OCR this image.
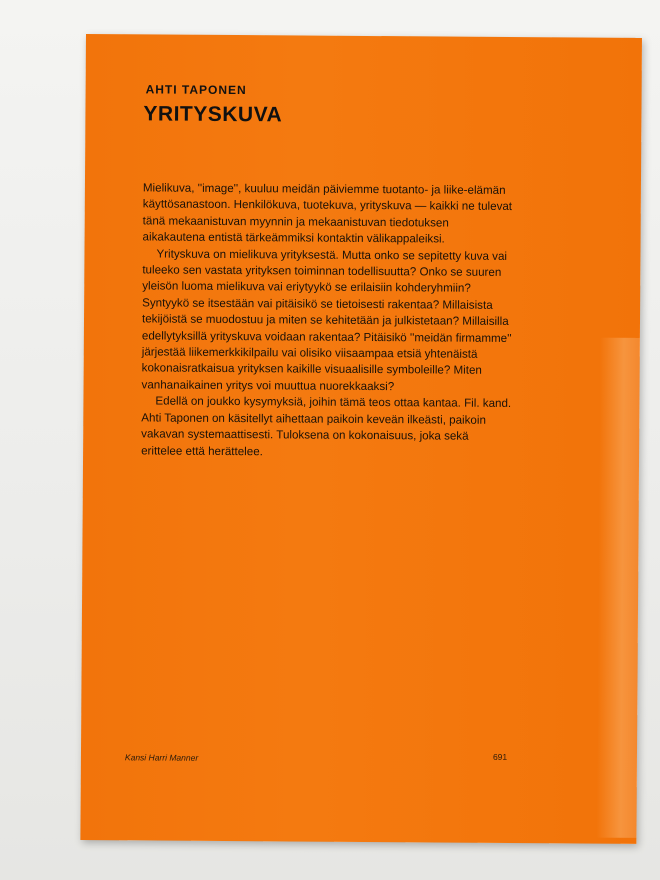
AHTI TAPONEN
YRITYSKUVA

Mielikuva, ''image'', kuuluu meidän päiviemme tuotanto- ja liike-elämän käyttösanastoon. Henkilökuva, tuotekuva, yrityskuva — kaikki ne tulevat tänä mekaanistuvan myynnin ja mekaanistuvan tiedotuksen aikakautena entistä tärkeämmiksi kontaktin välikappaleiksi.

Yrityskuva on mielikuva yrityksestä. Mutta onko se sepitetty kuva vai tuleeko sen vastata yrityksen toiminnan todellisuutta? Onko se suuren yleisön luoma mielikuva vai eriytyykö se erilaisiin kohderyhmiin? Syntyykö se itsestään vai pitäisikö se tietoisesti rakentaa? Millaisista tekijöistä se muodostuu ja miten se kehitetään ja julkistetaan? Millaisilla edellytyksillä yrityskuva voidaan rakentaa? Pitäisikö ''meidän firmamme'' järjestää liikemerkkikilpailu vai olisiko viisaampaa etsiä yhtenäistä kokonaisratkaisua yrityksen kaikille visuaalisille symboleille? Miten vanhanaikainen yritys voi muuttua nuorekkaaksi?

Edellä on joukko kysymyksiä, joihin tämä teos ottaa kantaa. Fil. kand. Ahti Taponen on käsitellyt aihettaan paikoin keveän ilkeästi, paikoin vakavan systemaattisesti. Tuloksena on kokonaisuus, joka sekä erittelee että herättelee.

Kansi Harri Manner	691
